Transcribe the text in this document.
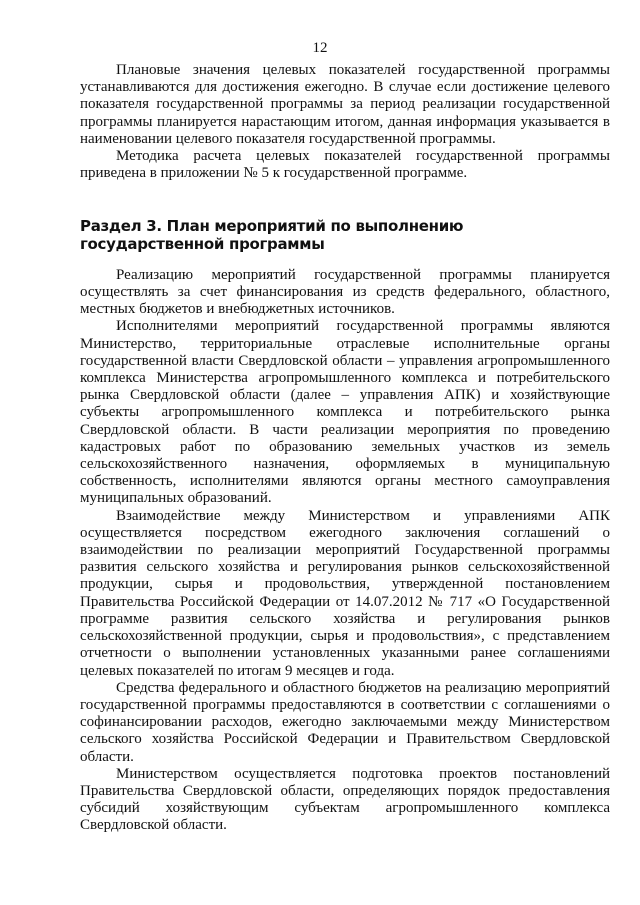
12

Плановые значения целевых показателей государственной программы устанавливаются для достижения ежегодно. В случае если достижение целевого показателя государственной программы за период реализации государственной программы планируется нарастающим итогом, данная информация указывается в наименовании целевого показателя государственной программы.

Методика расчета целевых показателей государственной программы приведена в приложении № 5 к государственной программе.

Раздел 3. План мероприятий по выполнению государственной программы

Реализацию мероприятий государственной программы планируется осуществлять за счет финансирования из средств федерального, областного, местных бюджетов и внебюджетных источников.

Исполнителями мероприятий государственной программы являются Министерство, территориальные отраслевые исполнительные органы государственной власти Свердловской области – управления агропромышленного комплекса Министерства агропромышленного комплекса и потребительского рынка Свердловской области (далее – управления АПК) и хозяйствующие субъекты агропромышленного комплекса и потребительского рынка Свердловской области. В части реализации мероприятия по проведению кадастровых работ по образованию земельных участков из земель сельскохозяйственного назначения, оформляемых в муниципальную собственность, исполнителями являются органы местного самоуправления муниципальных образований.

Взаимодействие между Министерством и управлениями АПК осуществляется посредством ежегодного заключения соглашений о взаимодействии по реализации мероприятий Государственной программы развития сельского хозяйства и регулирования рынков сельскохозяйственной продукции, сырья и продовольствия, утвержденной постановлением Правительства Российской Федерации от 14.07.2012 № 717 «О Государственной программе развития сельского хозяйства и регулирования рынков сельскохозяйственной продукции, сырья и продовольствия», с представлением отчетности о выполнении установленных указанными ранее соглашениями целевых показателей по итогам 9 месяцев и года.

Средства федерального и областного бюджетов на реализацию мероприятий государственной программы предоставляются в соответствии с соглашениями о софинансировании расходов, ежегодно заключаемыми между Министерством сельского хозяйства Российской Федерации и Правительством Свердловской области.

Министерством осуществляется подготовка проектов постановлений Правительства Свердловской области, определяющих порядок предоставления субсидий хозяйствующим субъектам агропромышленного комплекса Свердловской области.
